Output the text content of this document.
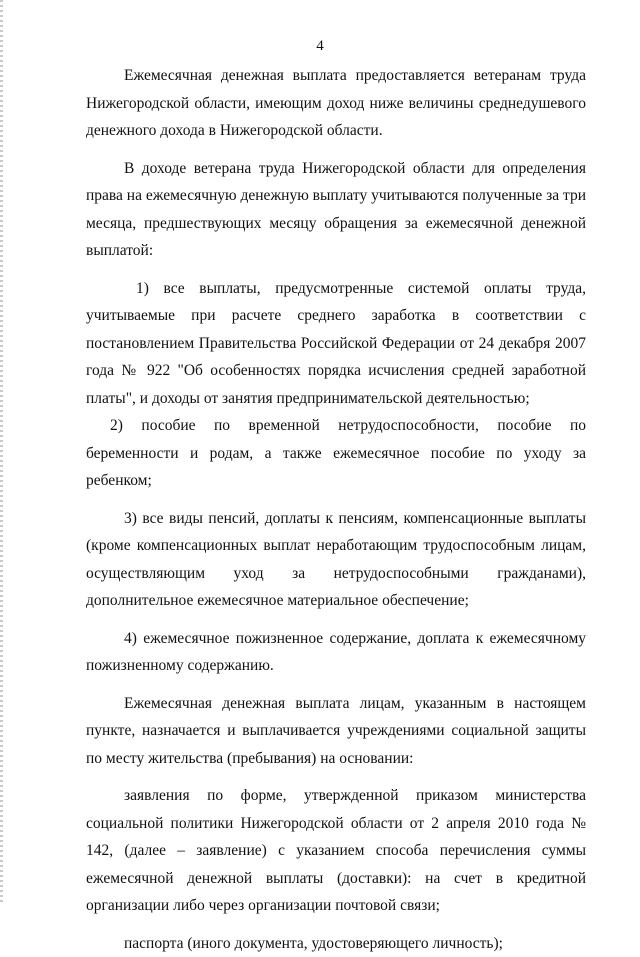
4

Ежемесячная денежная выплата предоставляется ветеранам труда Нижегородской области, имеющим доход ниже величины среднедушевого денежного дохода в Нижегородской области.

В доходе ветерана труда Нижегородской области для определения права на ежемесячную денежную выплату учитываются полученные за три месяца, предшествующих месяцу обращения за ежемесячной денежной выплатой:

1) все выплаты, предусмотренные системой оплаты труда, учитываемые при расчете среднего заработка в соответствии с постановлением Правительства Российской Федерации от 24 декабря 2007 года № 922 "Об особенностях порядка исчисления средней заработной платы", и доходы от занятия предпринимательской деятельностью;

2) пособие по временной нетрудоспособности, пособие по беременности и родам, а также ежемесячное пособие по уходу за ребенком;

3) все виды пенсий, доплаты к пенсиям, компенсационные выплаты (кроме компенсационных выплат неработающим трудоспособным лицам, осуществляющим уход за нетрудоспособными гражданами), дополнительное ежемесячное материальное обеспечение;

4) ежемесячное пожизненное содержание, доплата к ежемесячному пожизненному содержанию.

Ежемесячная денежная выплата лицам, указанным в настоящем пункте, назначается и выплачивается учреждениями социальной защиты по месту жительства (пребывания) на основании:

заявления по форме, утвержденной приказом министерства социальной политики Нижегородской области от 2 апреля 2010 года № 142, (далее – заявление) с указанием способа перечисления суммы ежемесячной денежной выплаты (доставки): на счет в кредитной организации либо через организации почтовой связи;

паспорта (иного документа, удостоверяющего личность);
